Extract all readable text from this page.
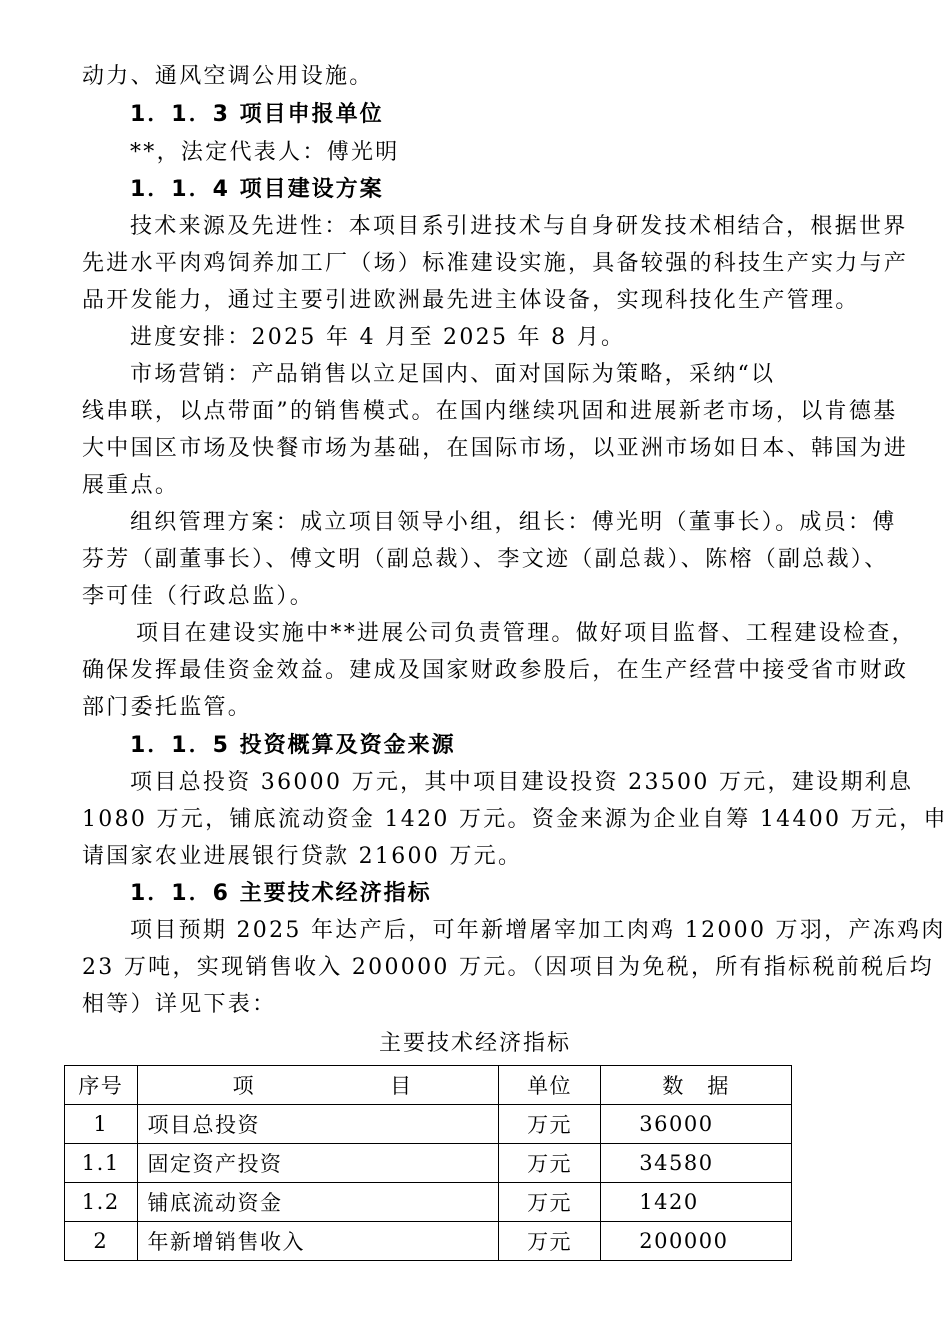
动力、通风空调公用设施。
1．1．3 项目申报单位
**，法定代表人：傅光明
1．1．4 项目建设方案
技术来源及先进性：本项目系引进技术与自身研发技术相结合，根据世界
先进水平肉鸡饲养加工厂（场）标准建设实施，具备较强的科技生产实力与产
品开发能力，通过主要引进欧洲最先进主体设备，实现科技化生产管理。
进度安排：2025 年 4 月至 2025 年 8 月。
市场营销：产品销售以立足国内、面对国际为策略，采纳“以
线串联，以点带面”的销售模式。在国内继续巩固和进展新老市场，以肯德基
大中国区市场及快餐市场为基础，在国际市场，以亚洲市场如日本、韩国为进
展重点。
组织管理方案：成立项目领导小组，组长：傅光明（董事长）。成员：傅
芬芳（副董事长）、傅文明（副总裁）、李文迹（副总裁）、陈榕（副总裁）、
李可佳（行政总监）。
项目在建设实施中**进展公司负责管理。做好项目监督、工程建设检查，
确保发挥最佳资金效益。建成及国家财政参股后，在生产经营中接受省市财政
部门委托监管。
1．1．5 投资概算及资金来源
项目总投资 36000 万元，其中项目建设投资 23500 万元，建设期利息
1080 万元，铺底流动资金 1420 万元。资金来源为企业自筹 14400 万元，申
请国家农业进展银行贷款 21600 万元。
1．1．6 主要技术经济指标
项目预期 2025 年达产后，可年新增屠宰加工肉鸡 12000 万羽，产冻鸡肉
23 万吨，实现销售收入 200000 万元。（因项目为免税，所有指标税前税后均
相等）详见下表：
主要技术经济指标
序号	项　　　　　　目	单位	数　据
1	项目总投资	万元	36000
1.1	固定资产投资	万元	34580
1.2	铺底流动资金	万元	1420
2	年新增销售收入	万元	200000
